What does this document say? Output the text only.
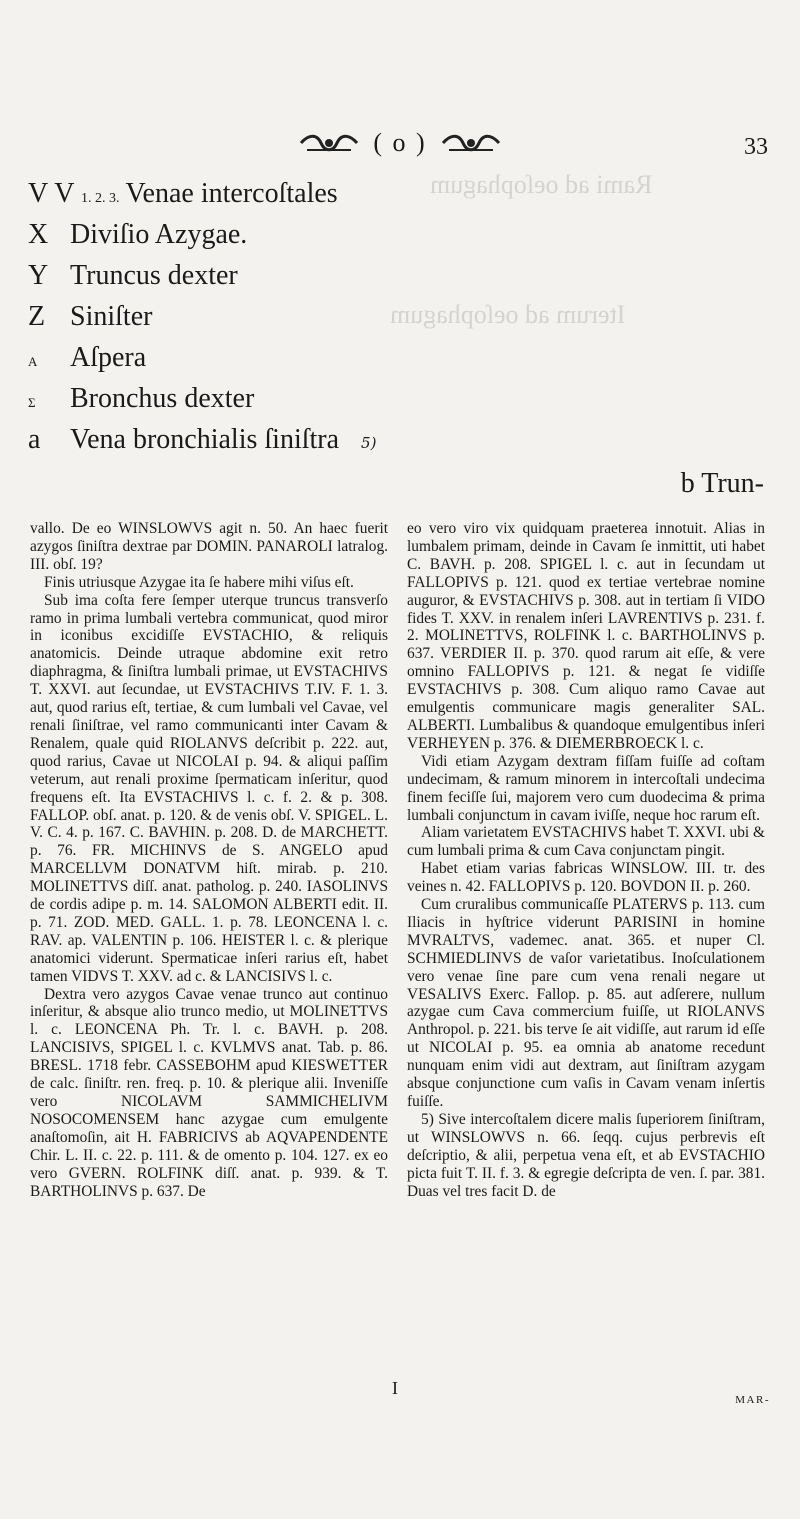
( o )	33
Rami ad oeſophagum
Iterum ad oeſophagum
V V 1. 2. 3. Venae intercoſtales
X Diviſio Azygae.
Y Truncus dexter
Z Siniſter
A	Aſpera
Σ	Bronchus dexter
a	Vena bronchialis ſiniſtra 5)
b Trun-

vallo. De eo WINSLOWVS agit n. 50. An haec fuerit azygos ſiniſtra dextrae par DOMIN. PANAROLI latralog. III. obſ. 19?

Finis utriusque Azygae ita ſe habere mihi viſus eſt.

Sub ima coſta fere ſemper uterque truncus transverſo ramo in prima lumbali vertebra communicat, quod miror in iconibus excidiſſe EVSTACHIO, & reliquis anatomicis. Deinde utraque abdomine exit retro diaphragma, & ſiniſtra lumbali primae, ut EVSTACHIVS T. XXVI. aut ſecundae, ut EVSTACHIVS T.IV. F. 1. 3. aut, quod rarius eſt, tertiae, & cum lumbali vel Cavae, vel renali ſiniſtrae, vel ramo communicanti inter Cavam & Renalem, quale quid RIOLANVS deſcribit p. 222. aut, quod rarius, Cavae ut NICOLAI p. 94. & aliqui paſſim veterum, aut renali proxime ſpermaticam inſeritur, quod frequens eſt. Ita EVSTACHIVS l. c. f. 2. & p. 308. FALLOP. obſ. anat. p. 120. & de venis obſ. V. SPIGEL. L. V. C. 4. p. 167. C. BAVHIN. p. 208. D. de MARCHETT. p. 76. FR. MICHINVS de S. ANGELO apud MARCELLVM DONATVM hiſt. mirab. p. 210. MOLINETTVS diſſ. anat. patholog. p. 240. IASOLINVS de cordis adipe p. m. 14. SALOMON ALBERTI edit. II. p. 71. ZOD. MED. GALL. 1. p. 78. LEONCENA l. c. RAV. ap. VALENTIN p. 106. HEISTER l. c. & plerique anatomici viderunt. Spermaticae inſeri rarius eſt, habet tamen VIDVS T. XXV. ad c. & LANCISIVS l. c.

Dextra vero azygos Cavae venae trunco aut continuo inſeritur, & absque alio trunco medio, ut MOLINETTVS l. c. LEONCENA Ph. Tr. l. c. BAVH. p. 208. LANCISIVS, SPIGEL l. c. KVLMVS anat. Tab. p. 86. BRESL. 1718 febr. CASSEBOHM apud KIESWETTER de calc. ſiniſtr. ren. freq. p. 10. & plerique alii. Inveniſſe vero NICOLAVM SAMMICHELIVM NOSOCOMENSEM hanc azygae cum emulgente anaſtomoſin, ait H. FABRICIVS ab AQVAPENDENTE Chir. L. II. c. 22. p. 111. & de omento p. 104. 127. ex eo vero GVERN. ROLFINK diſſ. anat. p. 939. & T. BARTHOLINVS p. 637. De

eo vero viro vix quidquam praeterea innotuit. Alias in lumbalem primam, deinde in Cavam ſe inmittit, uti habet C. BAVH. p. 208. SPIGEL l. c. aut in ſecundam ut FALLOPIVS p. 121. quod ex tertiae vertebrae nomine auguror, & EVSTACHIVS p. 308. aut in tertiam ſi VIDO fides T. XXV. in renalem inſeri LAVRENTIVS p. 231. f. 2. MOLINETTVS, ROLFINK l. c. BARTHOLINVS p. 637. VERDIER II. p. 370. quod rarum ait eſſe, & vere omnino FALLOPIVS p. 121. & negat ſe vidiſſe EVSTACHIVS p. 308. Cum aliquo ramo Cavae aut emulgentis communicare magis generaliter SAL. ALBERTI. Lumbalibus & quandoque emulgentibus inſeri VERHEYEN p. 376. & DIEMERBROECK l. c.

Vidi etiam Azygam dextram fiſſam fuiſſe ad coſtam undecimam, & ramum minorem in intercoſtali undecima finem feciſſe ſui, majorem vero cum duodecima & prima lumbali conjunctum in cavam iviſſe, neque hoc rarum eſt.

Aliam varietatem EVSTACHIVS habet T. XXVI. ubi & cum lumbali prima & cum Cava conjunctam pingit.

Habet etiam varias fabricas WINSLOW. III. tr. des veines n. 42. FALLOPIVS p. 120. BOVDON II. p. 260.

Cum cruralibus communicaſſe PLATERVS p. 113. cum Iliacis in hyſtrice viderunt PARISINI in homine MVRALTVS, vademec. anat. 365. et nuper Cl. SCHMIEDLINVS de vaſor varietatibus. Inoſculationem vero venae ſine pare cum vena renali negare ut VESALIVS Exerc. Fallop. p. 85. aut adſerere, nullum azygae cum Cava commercium fuiſſe, ut RIOLANVS Anthropol. p. 221. bis terve ſe ait vidiſſe, aut rarum id eſſe ut NICOLAI p. 95. ea omnia ab anatome recedunt nunquam enim vidi aut dextram, aut ſiniſtram azygam absque conjunctione cum vaſis in Cavam venam inſertis fuiſſe.

5) Sive intercoſtalem dicere malis ſuperiorem ſiniſtram, ut WINSLOWVS n. 66. ſeqq. cujus perbrevis eſt deſcriptio, & alii, perpetua vena eſt, et ab EVSTACHIO picta fuit T. II. f. 3. & egregie deſcripta de ven. ſ. par. 381. Duas vel tres facit D. de

I
MAR-
